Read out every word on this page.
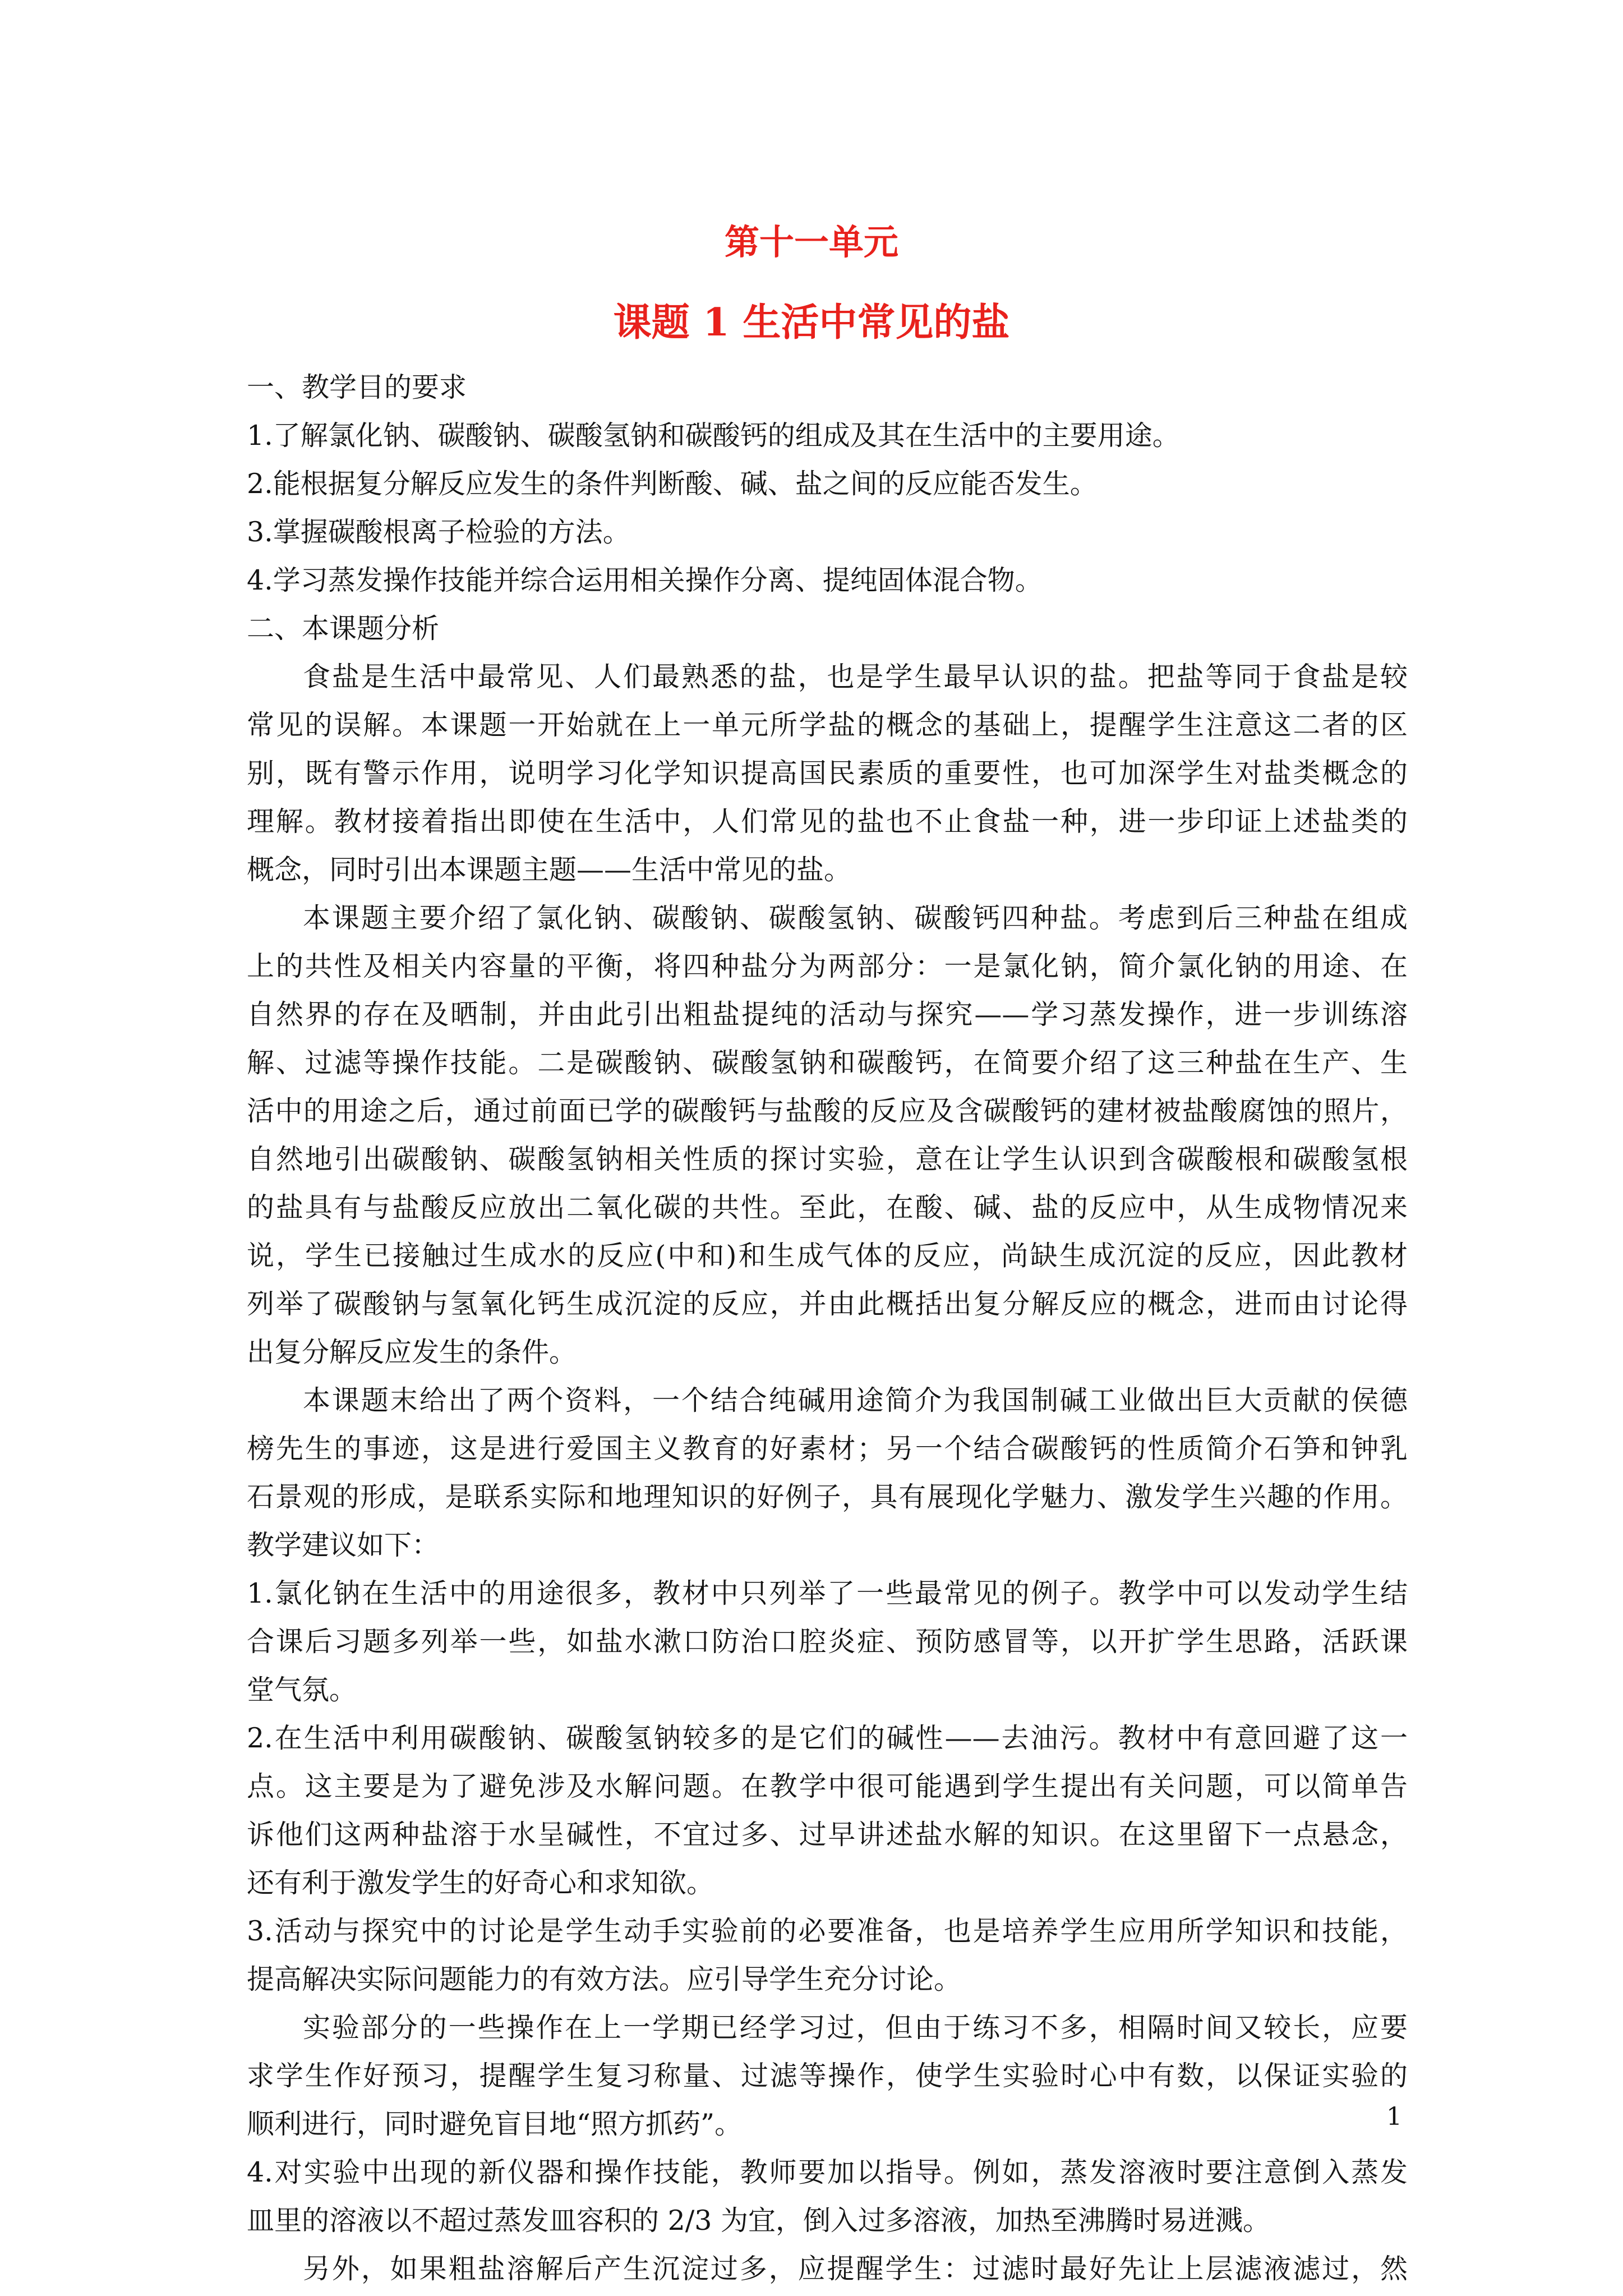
第十一单元
课题 1 生活中常见的盐

一、教学目的要求

1.了解氯化钠、碳酸钠、碳酸氢钠和碳酸钙的组成及其在生活中的主要用途。

2.能根据复分解反应发生的条件判断酸、碱、盐之间的反应能否发生。

3.掌握碳酸根离子检验的方法。

4.学习蒸发操作技能并综合运用相关操作分离、提纯固体混合物。

二、本课题分析

食盐是生活中最常见、人们最熟悉的盐，也是学生最早认识的盐。把盐等同于食盐是较

常见的误解。本课题一开始就在上一单元所学盐的概念的基础上，提醒学生注意这二者的区

别，既有警示作用，说明学习化学知识提高国民素质的重要性，也可加深学生对盐类概念的

理解。教材接着指出即使在生活中，人们常见的盐也不止食盐一种，进一步印证上述盐类的

概念，同时引出本课题主题——生活中常见的盐。

本课题主要介绍了氯化钠、碳酸钠、碳酸氢钠、碳酸钙四种盐。考虑到后三种盐在组成

上的共性及相关内容量的平衡，将四种盐分为两部分：一是氯化钠，简介氯化钠的用途、在

自然界的存在及晒制，并由此引出粗盐提纯的活动与探究——学习蒸发操作，进一步训练溶

解、过滤等操作技能。二是碳酸钠、碳酸氢钠和碳酸钙，在简要介绍了这三种盐在生产、生

活中的用途之后，通过前面已学的碳酸钙与盐酸的反应及含碳酸钙的建材被盐酸腐蚀的照片，

自然地引出碳酸钠、碳酸氢钠相关性质的探讨实验，意在让学生认识到含碳酸根和碳酸氢根

的盐具有与盐酸反应放出二氧化碳的共性。至此，在酸、碱、盐的反应中，从生成物情况来

说，学生已接触过生成水的反应(中和)和生成气体的反应，尚缺生成沉淀的反应，因此教材

列举了碳酸钠与氢氧化钙生成沉淀的反应，并由此概括出复分解反应的概念，进而由讨论得

出复分解反应发生的条件。

本课题末给出了两个资料，一个结合纯碱用途简介为我国制碱工业做出巨大贡献的侯德

榜先生的事迹，这是进行爱国主义教育的好素材；另一个结合碳酸钙的性质简介石笋和钟乳

石景观的形成，是联系实际和地理知识的好例子，具有展现化学魅力、激发学生兴趣的作用。

教学建议如下：

1.氯化钠在生活中的用途很多，教材中只列举了一些最常见的例子。教学中可以发动学生结

合课后习题多列举一些，如盐水漱口防治口腔炎症、预防感冒等，以开扩学生思路，活跃课

堂气氛。

2.在生活中利用碳酸钠、碳酸氢钠较多的是它们的碱性——去油污。教材中有意回避了这一

点。这主要是为了避免涉及水解问题。在教学中很可能遇到学生提出有关问题，可以简单告

诉他们这两种盐溶于水呈碱性，不宜过多、过早讲述盐水解的知识。在这里留下一点悬念，

还有利于激发学生的好奇心和求知欲。

3.活动与探究中的讨论是学生动手实验前的必要准备，也是培养学生应用所学知识和技能，

提高解决实际问题能力的有效方法。应引导学生充分讨论。

实验部分的一些操作在上一学期已经学习过，但由于练习不多，相隔时间又较长，应要

求学生作好预习，提醒学生复习称量、过滤等操作，使学生实验时心中有数，以保证实验的

顺利进行，同时避免盲目地“照方抓药”。

4.对实验中出现的新仪器和操作技能，教师要加以指导。例如，蒸发溶液时要注意倒入蒸发

皿里的溶液以不超过蒸发皿容积的 2/3 为宜，倒入过多溶液，加热至沸腾时易迸溅。

另外，如果粗盐溶解后产生沉淀过多，应提醒学生：过滤时最好先让上层滤液滤过，然

1
